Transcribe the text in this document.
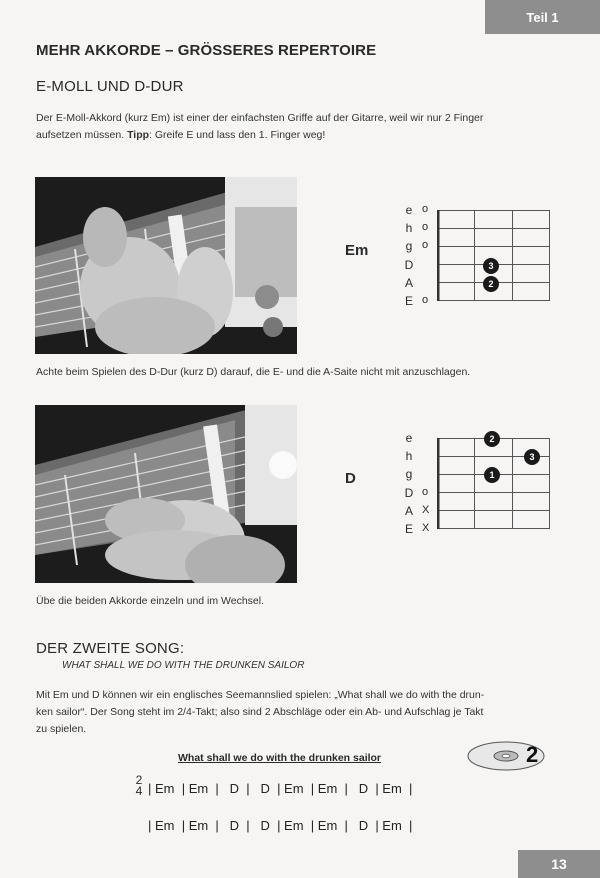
Teil 1
MEHR AKKORDE – GRÖSSERES REPERTOIRE
E-MOLL UND D-DUR
Der E-Moll-Akkord (kurz Em) ist einer der einfachsten Griffe auf der Gitarre, weil wir nur 2 Finger
aufsetzen müssen. Tipp: Greife E und lass den 1. Finger weg!
Em
e
h
g
D
A
E
o
o
o
o
3
2
Achte beim Spielen des D-Dur (kurz D) darauf, die E- und die A-Saite nicht mit anzuschlagen.
D
e
h
g
D
A
E
o
X
X
2
3
1
Übe die beiden Akkorde einzeln und im Wechsel.
DER ZWEITE SONG:
WHAT SHALL WE DO WITH THE DRUNKEN SAILOR
Mit Em und D können wir ein englisches Seemannslied spielen: „What shall we do with the drun-
ken sailor“. Der Song steht im 2/4-Takt; also sind 2 Abschläge oder ein Ab- und Aufschlag je Takt
zu spielen.
What shall we do with the drunken sailor	2
2
4 | Em  | Em  |   D  |   D  | Em  | Em  |   D  | Em  |
| Em  | Em  |   D  |   D  | Em  | Em  |   D  | Em  |
13
